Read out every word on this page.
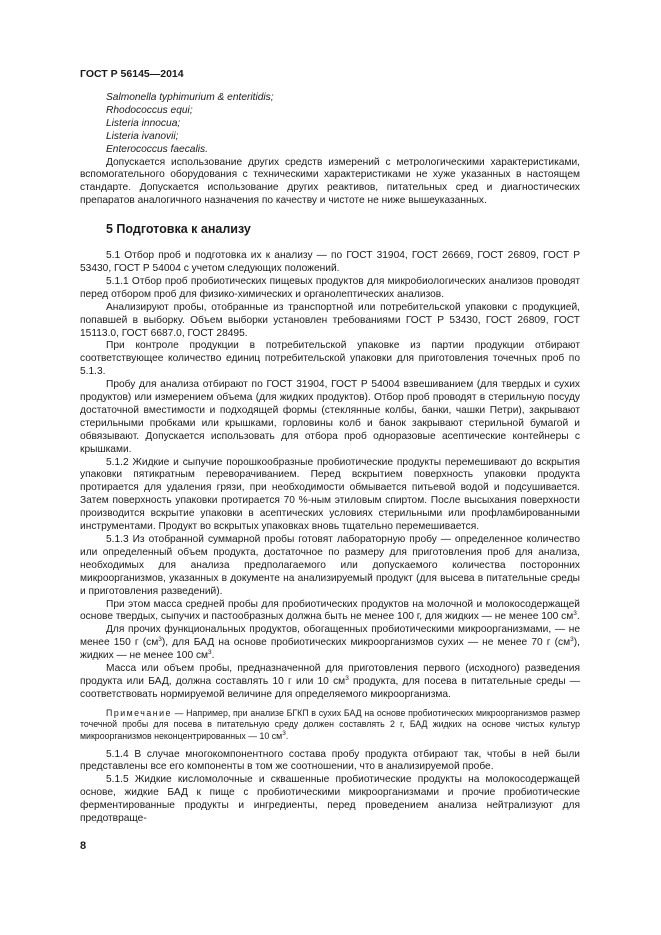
ГОСТ Р 56145—2014

Salmonella typhimurium & enteritidis;

Rhodococcus equi;

Listeria innocua;

Listeria ivanovii;

Enterococcus faecalis.

Допускается использование других средств измерений с метрологическими характеристиками, вспомогательного оборудования с техническими характеристиками не хуже указанных в настоящем стандарте. Допускается использование других реактивов, питательных сред и диагностических препаратов аналогичного назначения по качеству и чистоте не ниже вышеуказанных.

5 Подготовка к анализу

5.1 Отбор проб и подготовка их к анализу — по ГОСТ 31904, ГОСТ 26669, ГОСТ 26809, ГОСТ Р 53430, ГОСТ Р 54004 с учетом следующих положений.

5.1.1 Отбор проб пробиотических пищевых продуктов для микробиологических анализов проводят перед отбором проб для физико-химических и органолептических анализов.

Анализируют пробы, отобранные из транспортной или потребительской упаковки с продукцией, попавшей в выборку. Объем выборки установлен требованиями ГОСТ Р 53430, ГОСТ 26809, ГОСТ 15113.0, ГОСТ 6687.0, ГОСТ 28495.

При контроле продукции в потребительской упаковке из партии продукции отбирают соответствующее количество единиц потребительской упаковки для приготовления точечных проб по 5.1.3.

Пробу для анализа отбирают по ГОСТ 31904, ГОСТ Р 54004 взвешиванием (для твердых и сухих продуктов) или измерением объема (для жидких продуктов). Отбор проб проводят в стерильную посуду достаточной вместимости и подходящей формы (стеклянные колбы, банки, чашки Петри), закрывают стерильными пробками или крышками, горловины колб и банок закрывают стерильной бумагой и обвязывают. Допускается использовать для отбора проб одноразовые асептические контейнеры с крышками.

5.1.2 Жидкие и сыпучие порошкообразные пробиотические продукты перемешивают до вскрытия упаковки пятикратным переворачиванием. Перед вскрытием поверхность упаковки продукта протирается для удаления грязи, при необходимости обмывается питьевой водой и подсушивается. Затем поверхность упаковки протирается 70 %-ным этиловым спиртом. После высыхания поверхности производится вскрытие упаковки в асептических условиях стерильными или профламбированными инструментами. Продукт во вскрытых упаковках вновь тщательно перемешивается.

5.1.3 Из отобранной суммарной пробы готовят лабораторную пробу — определенное количество или определенный объем продукта, достаточное по размеру для приготовления проб для анализа, необходимых для анализа предполагаемого или допускаемого количества посторонних микроорганизмов, указанных в документе на анализируемый продукт (для высева в питательные среды и приготовления разведений).

При этом масса средней пробы для пробиотических продуктов на молочной и молокосодержащей основе твердых, сыпучих и пастообразных должна быть не менее 100 г, для жидких — не менее 100 $см^3$.

Для прочих функциональных продуктов, обогащенных пробиотическими микроорганизмами, — не менее 150 г $(см^3)$, для БАД на основе пробиотических микроорганизмов сухих — не менее 70 г $(см^3)$, жидких — не менее 100 $см^3$.

Масса или объем пробы, предназначенной для приготовления первого (исходного) разведения продукта или БАД, должна составлять 10 г или 10 $см^3$ продукта, для посева в питательные среды — соответствовать нормируемой величине для определяемого микроорганизма.

Примечание — Например, при анализе БГКП в сухих БАД на основе пробиотических микроорганизмов размер точечной пробы для посева в питательную среду должен составлять 2 г, БАД жидких на основе чистых культур микроорганизмов неконцентрированных — 10 $см^3$.

5.1.4 В случае многокомпонентного состава пробу продукта отбирают так, чтобы в ней были представлены все его компоненты в том же соотношении, что в анализируемой пробе.

5.1.5 Жидкие кисломолочные и сквашенные пробиотические продукты на молокосодержащей основе, жидкие БАД к пище с пробиотическими микроорганизмами и прочие пробиотические ферментированные продукты и ингредиенты, перед проведением анализа нейтрализуют для предотвраще-

8
